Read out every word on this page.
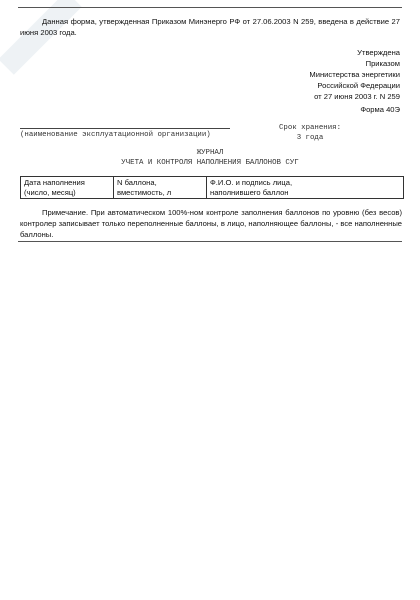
Данная форма, утвержденная Приказом Минэнерго РФ от 27.06.2003 N 259, введена в действие 27 июня 2003 года.
Утверждена
Приказом
Министерства энергетики
Российской Федерации
от 27 июня 2003 г. N 259
Форма 40Э
(наименование эксплуатационной организации)
Срок хранения:
3 года
ЖУРНАЛ
УЧЕТА И КОНТРОЛЯ НАПОЛНЕНИЯ БАЛЛОНОВ СУГ
Дата наполнения
(число, месяц)

N баллона,
вместимость, л

Ф.И.О. и подпись лица,
наполнившего баллон
Примечание. При автоматическом 100%-ном контроле заполнения баллонов по уровню (без весов) контролер записывает только переполненные баллоны, в лицо, наполняющее баллоны, - все наполненные баллоны.
